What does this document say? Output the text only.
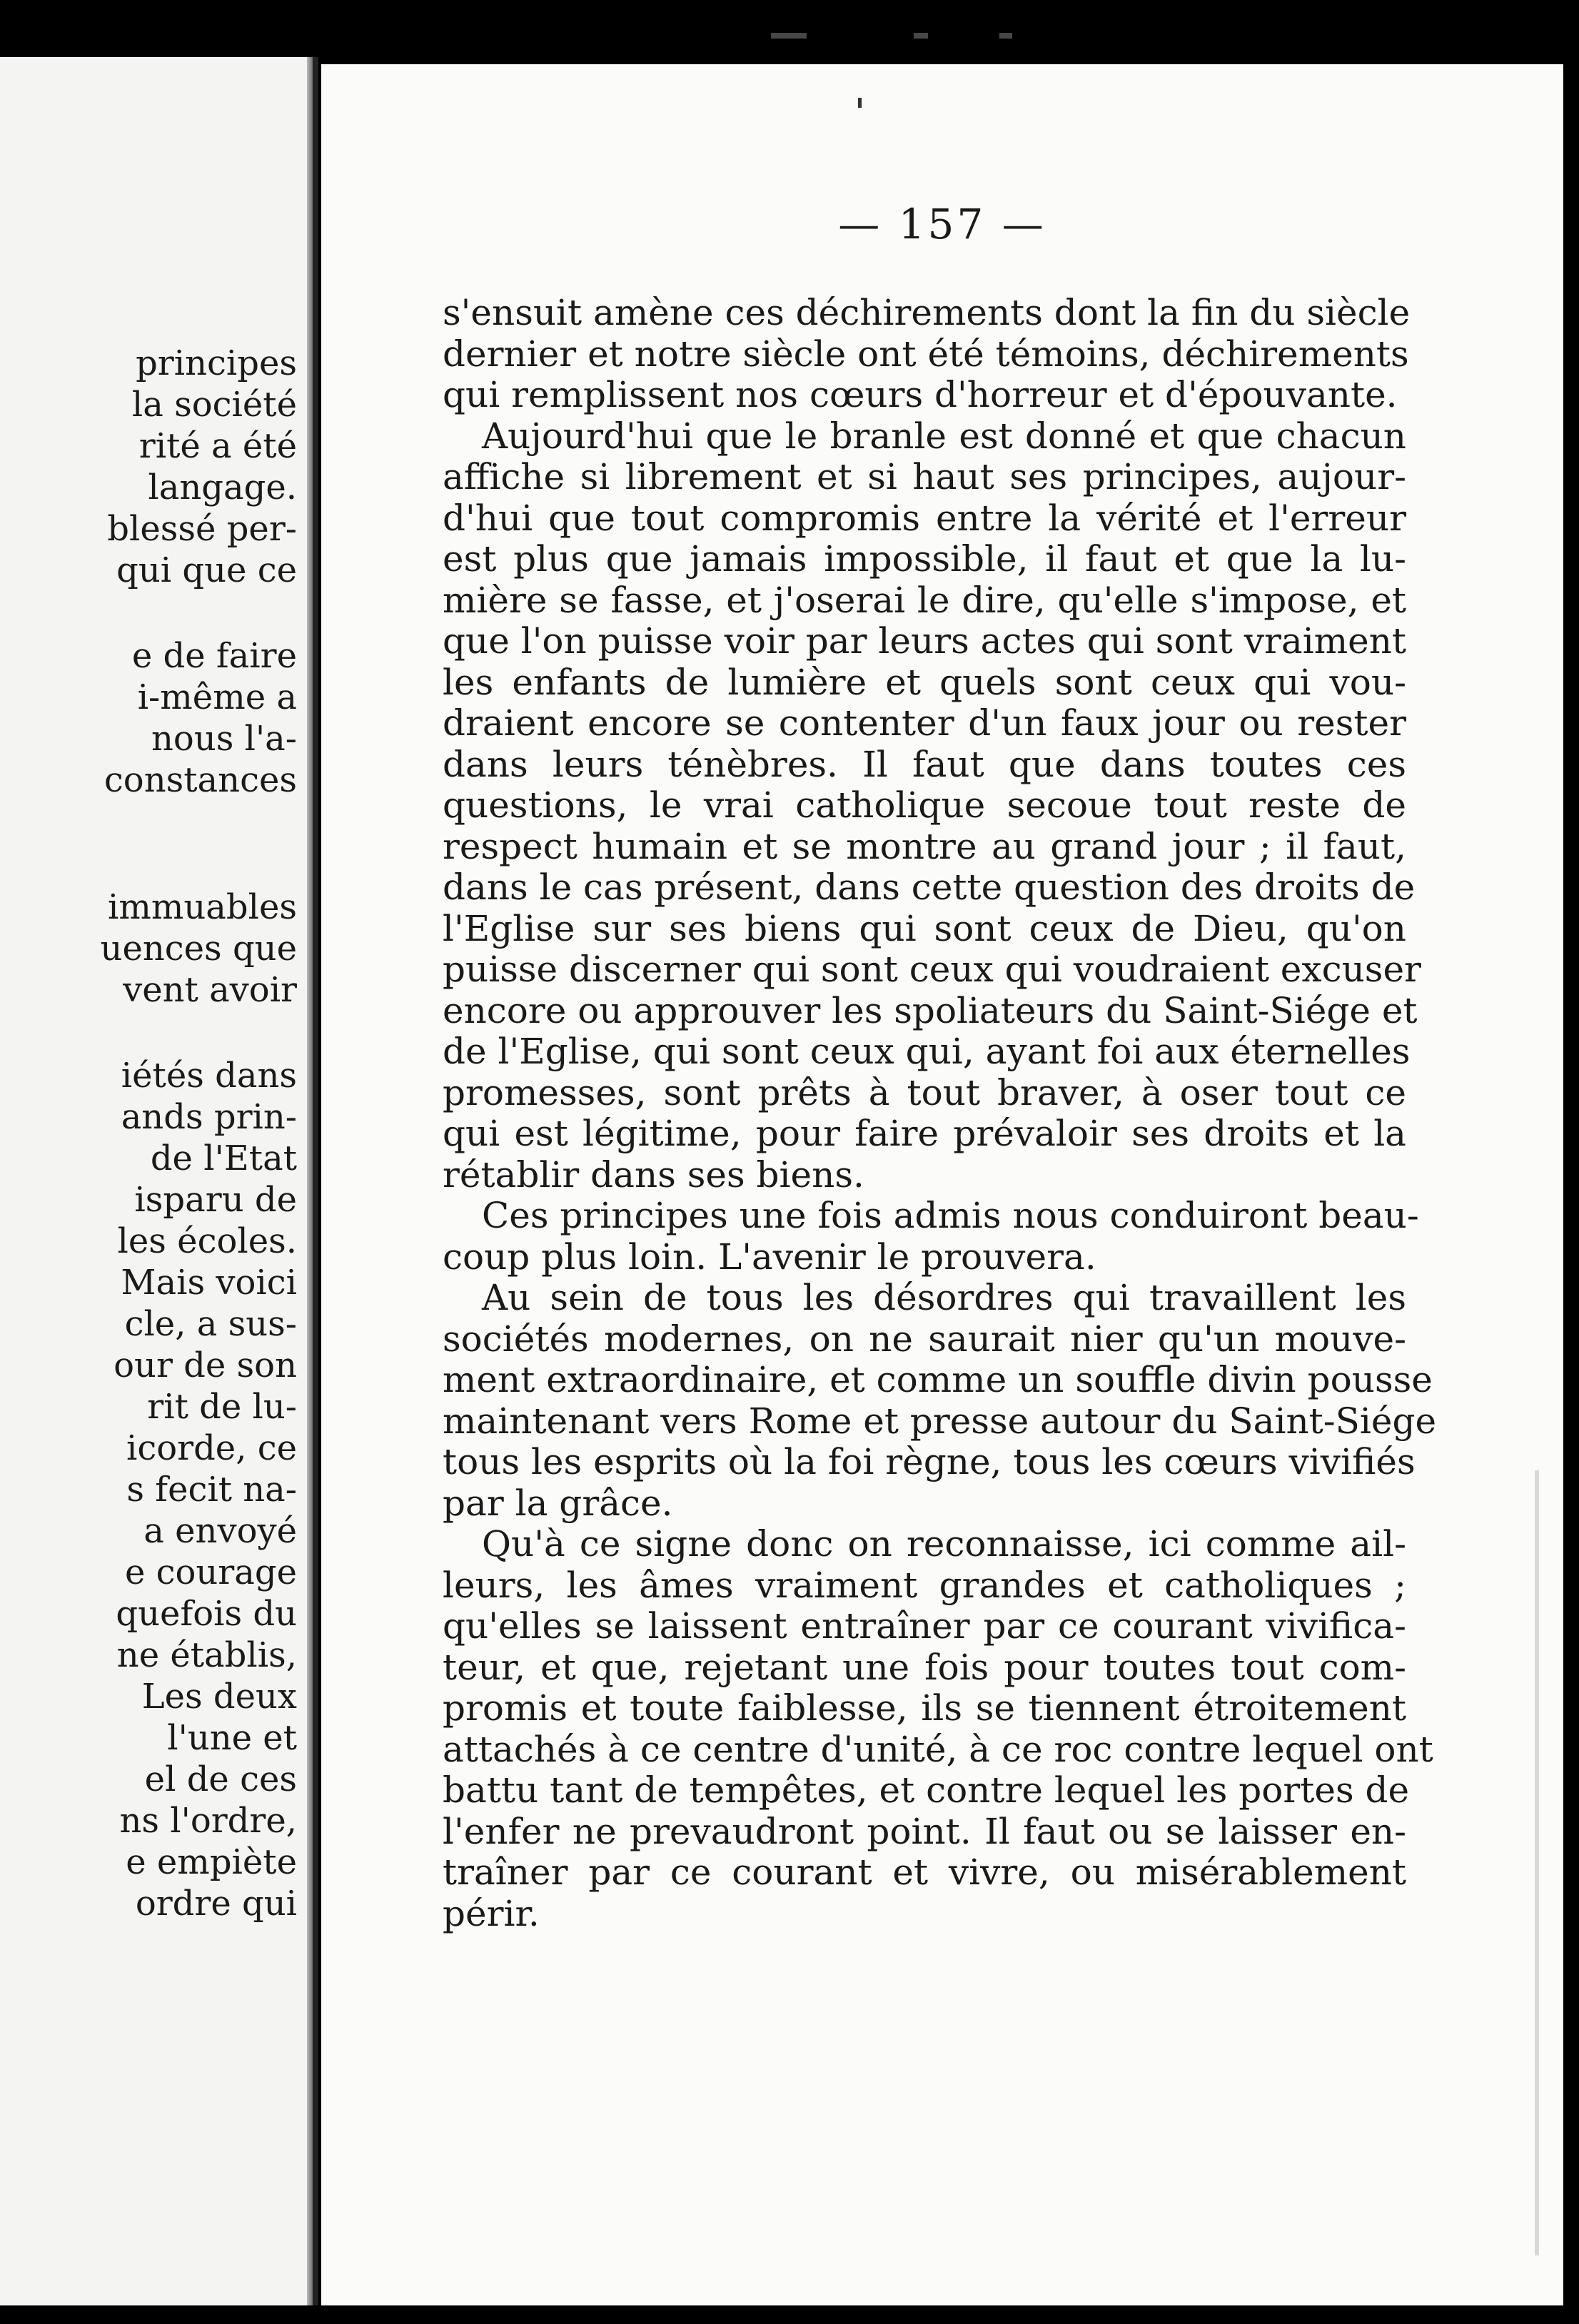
principes
la société
rité a été
langage.
blessé per-
qui que ce
e de faire
i-même a
nous l'a-
constances
immuables
uences que
vent avoir
iétés dans
ands prin-
de l'Etat
isparu de
les écoles.
Mais voici
cle, a sus-
our de son
rit de lu-
icorde, ce
s fecit na-
a envoyé
e courage
quefois du
ne établis,
Les deux
l'une et
el de ces
ns l'ordre,
e empiète
ordre qui
— 157 —
s'ensuit amène ces déchirements dont la fin du siècle
dernier et notre siècle ont été témoins, déchirements
qui remplissent nos cœurs d'horreur et d'épouvante.
Aujourd'hui que le branle est donné et que chacun
affiche si librement et si haut ses principes, aujour-
d'hui que tout compromis entre la vérité et l'erreur
est plus que jamais impossible, il faut et que la lu-
mière se fasse, et j'oserai le dire, qu'elle s'impose, et
que l'on puisse voir par leurs actes qui sont vraiment
les enfants de lumière et quels sont ceux qui vou-
draient encore se contenter d'un faux jour ou rester
dans leurs ténèbres. Il faut que dans toutes ces
questions, le vrai catholique secoue tout reste de
respect humain et se montre au grand jour ; il faut,
dans le cas présent, dans cette question des droits de
l'Eglise sur ses biens qui sont ceux de Dieu, qu'on
puisse discerner qui sont ceux qui voudraient excuser
encore ou approuver les spoliateurs du Saint-Siége et
de l'Eglise, qui sont ceux qui, ayant foi aux éternelles
promesses, sont prêts à tout braver, à oser tout ce
qui est légitime, pour faire prévaloir ses droits et la
rétablir dans ses biens.
Ces principes une fois admis nous conduiront beau-
coup plus loin. L'avenir le prouvera.
Au sein de tous les désordres qui travaillent les
sociétés modernes, on ne saurait nier qu'un mouve-
ment extraordinaire, et comme un souffle divin pousse
maintenant vers Rome et presse autour du Saint-Siége
tous les esprits où la foi règne, tous les cœurs vivifiés
par la grâce.
Qu'à ce signe donc on reconnaisse, ici comme ail-
leurs, les âmes vraiment grandes et catholiques ;
qu'elles se laissent entraîner par ce courant vivifica-
teur, et que, rejetant une fois pour toutes tout com-
promis et toute faiblesse, ils se tiennent étroitement
attachés à ce centre d'unité, à ce roc contre lequel ont
battu tant de tempêtes, et contre lequel les portes de
l'enfer ne prevaudront point. Il faut ou se laisser en-
traîner par ce courant et vivre, ou misérablement
périr.
